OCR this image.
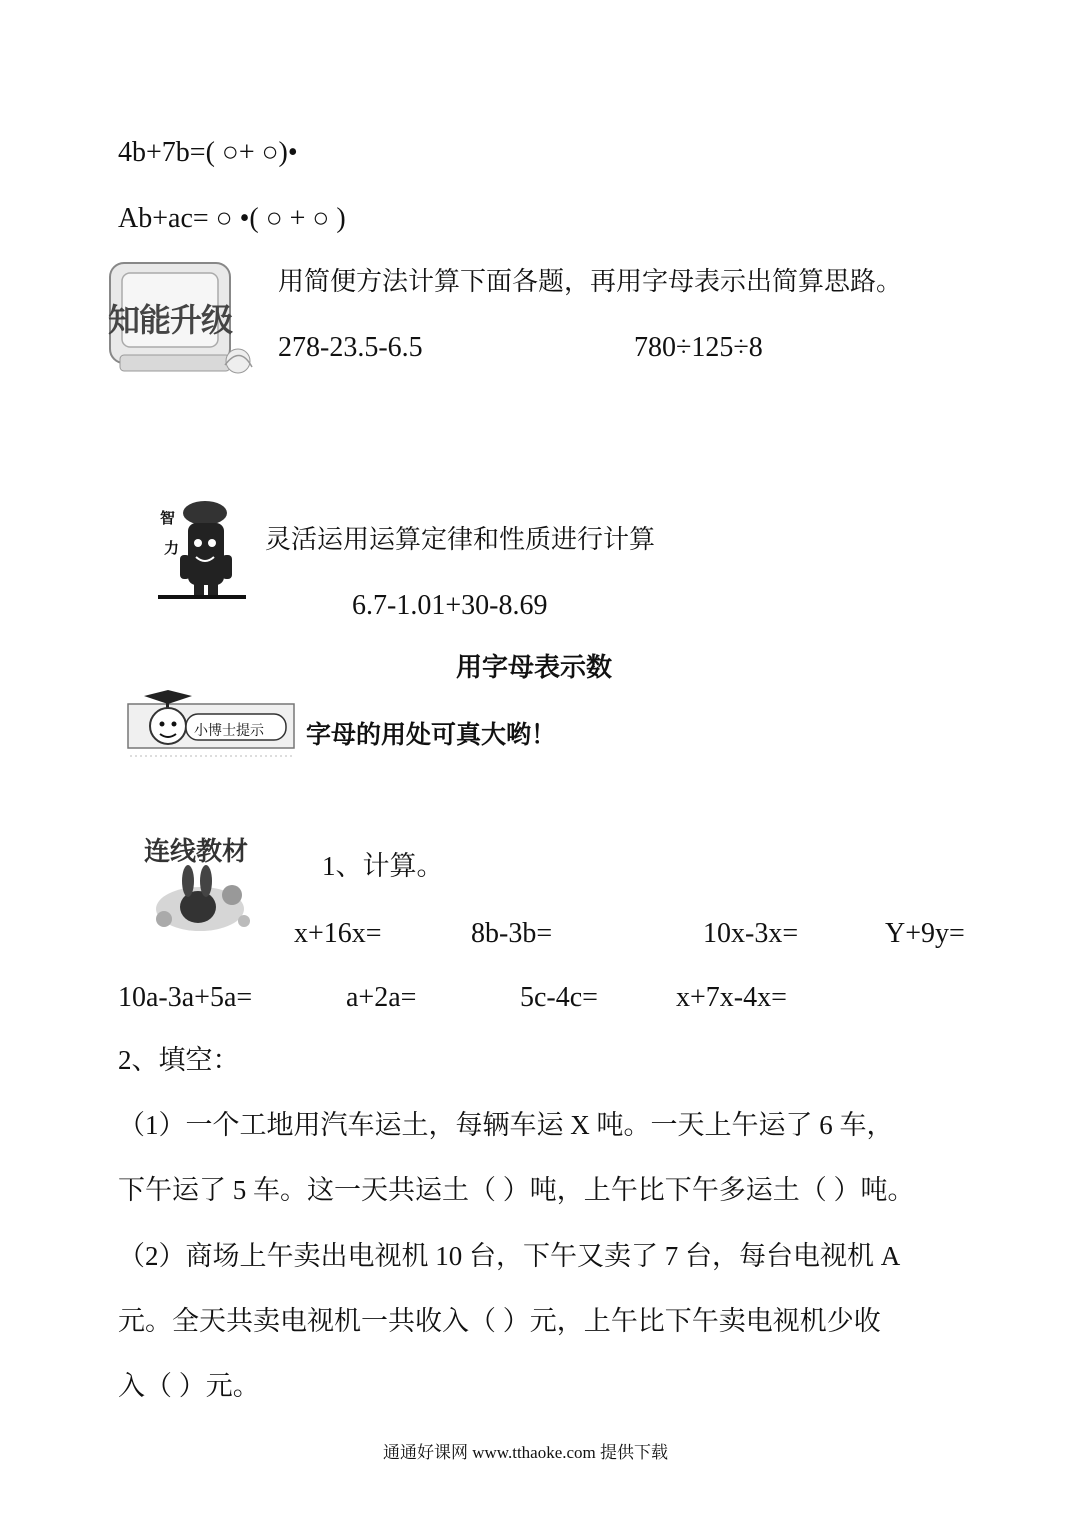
4b+7b=( ○+ ○)•
Ab+ac= ○ •( ○ + ○ )
知能升级
用简便方法计算下面各题，再用字母表示出简算思路。
278-23.5-6.5	780÷125÷8
智
力	灵活运用运算定律和性质进行计算
6.7-1.01+30-8.69
用字母表示数
小博士提示 字母的用处可真大哟！
连线教材	1、计算。
x+16x=	8b-3b=	10x-3x=	Y+9y=
10a-3a+5a=	a+2a=	5c-4c=	x+7x-4x=
2、填空：
（1）一个工地用汽车运土，每辆车运 X 吨。一天上午运了 6 车，
下午运了 5 车。这一天共运土（ ）吨，上午比下午多运土（ ）吨。
（2）商场上午卖出电视机 10 台，下午又卖了 7 台，每台电视机 A
元。全天共卖电视机一共收入（ ）元，上午比下午卖电视机少收
入（ ）元。
通通好课网 www.tthaoke.com 提供下载
